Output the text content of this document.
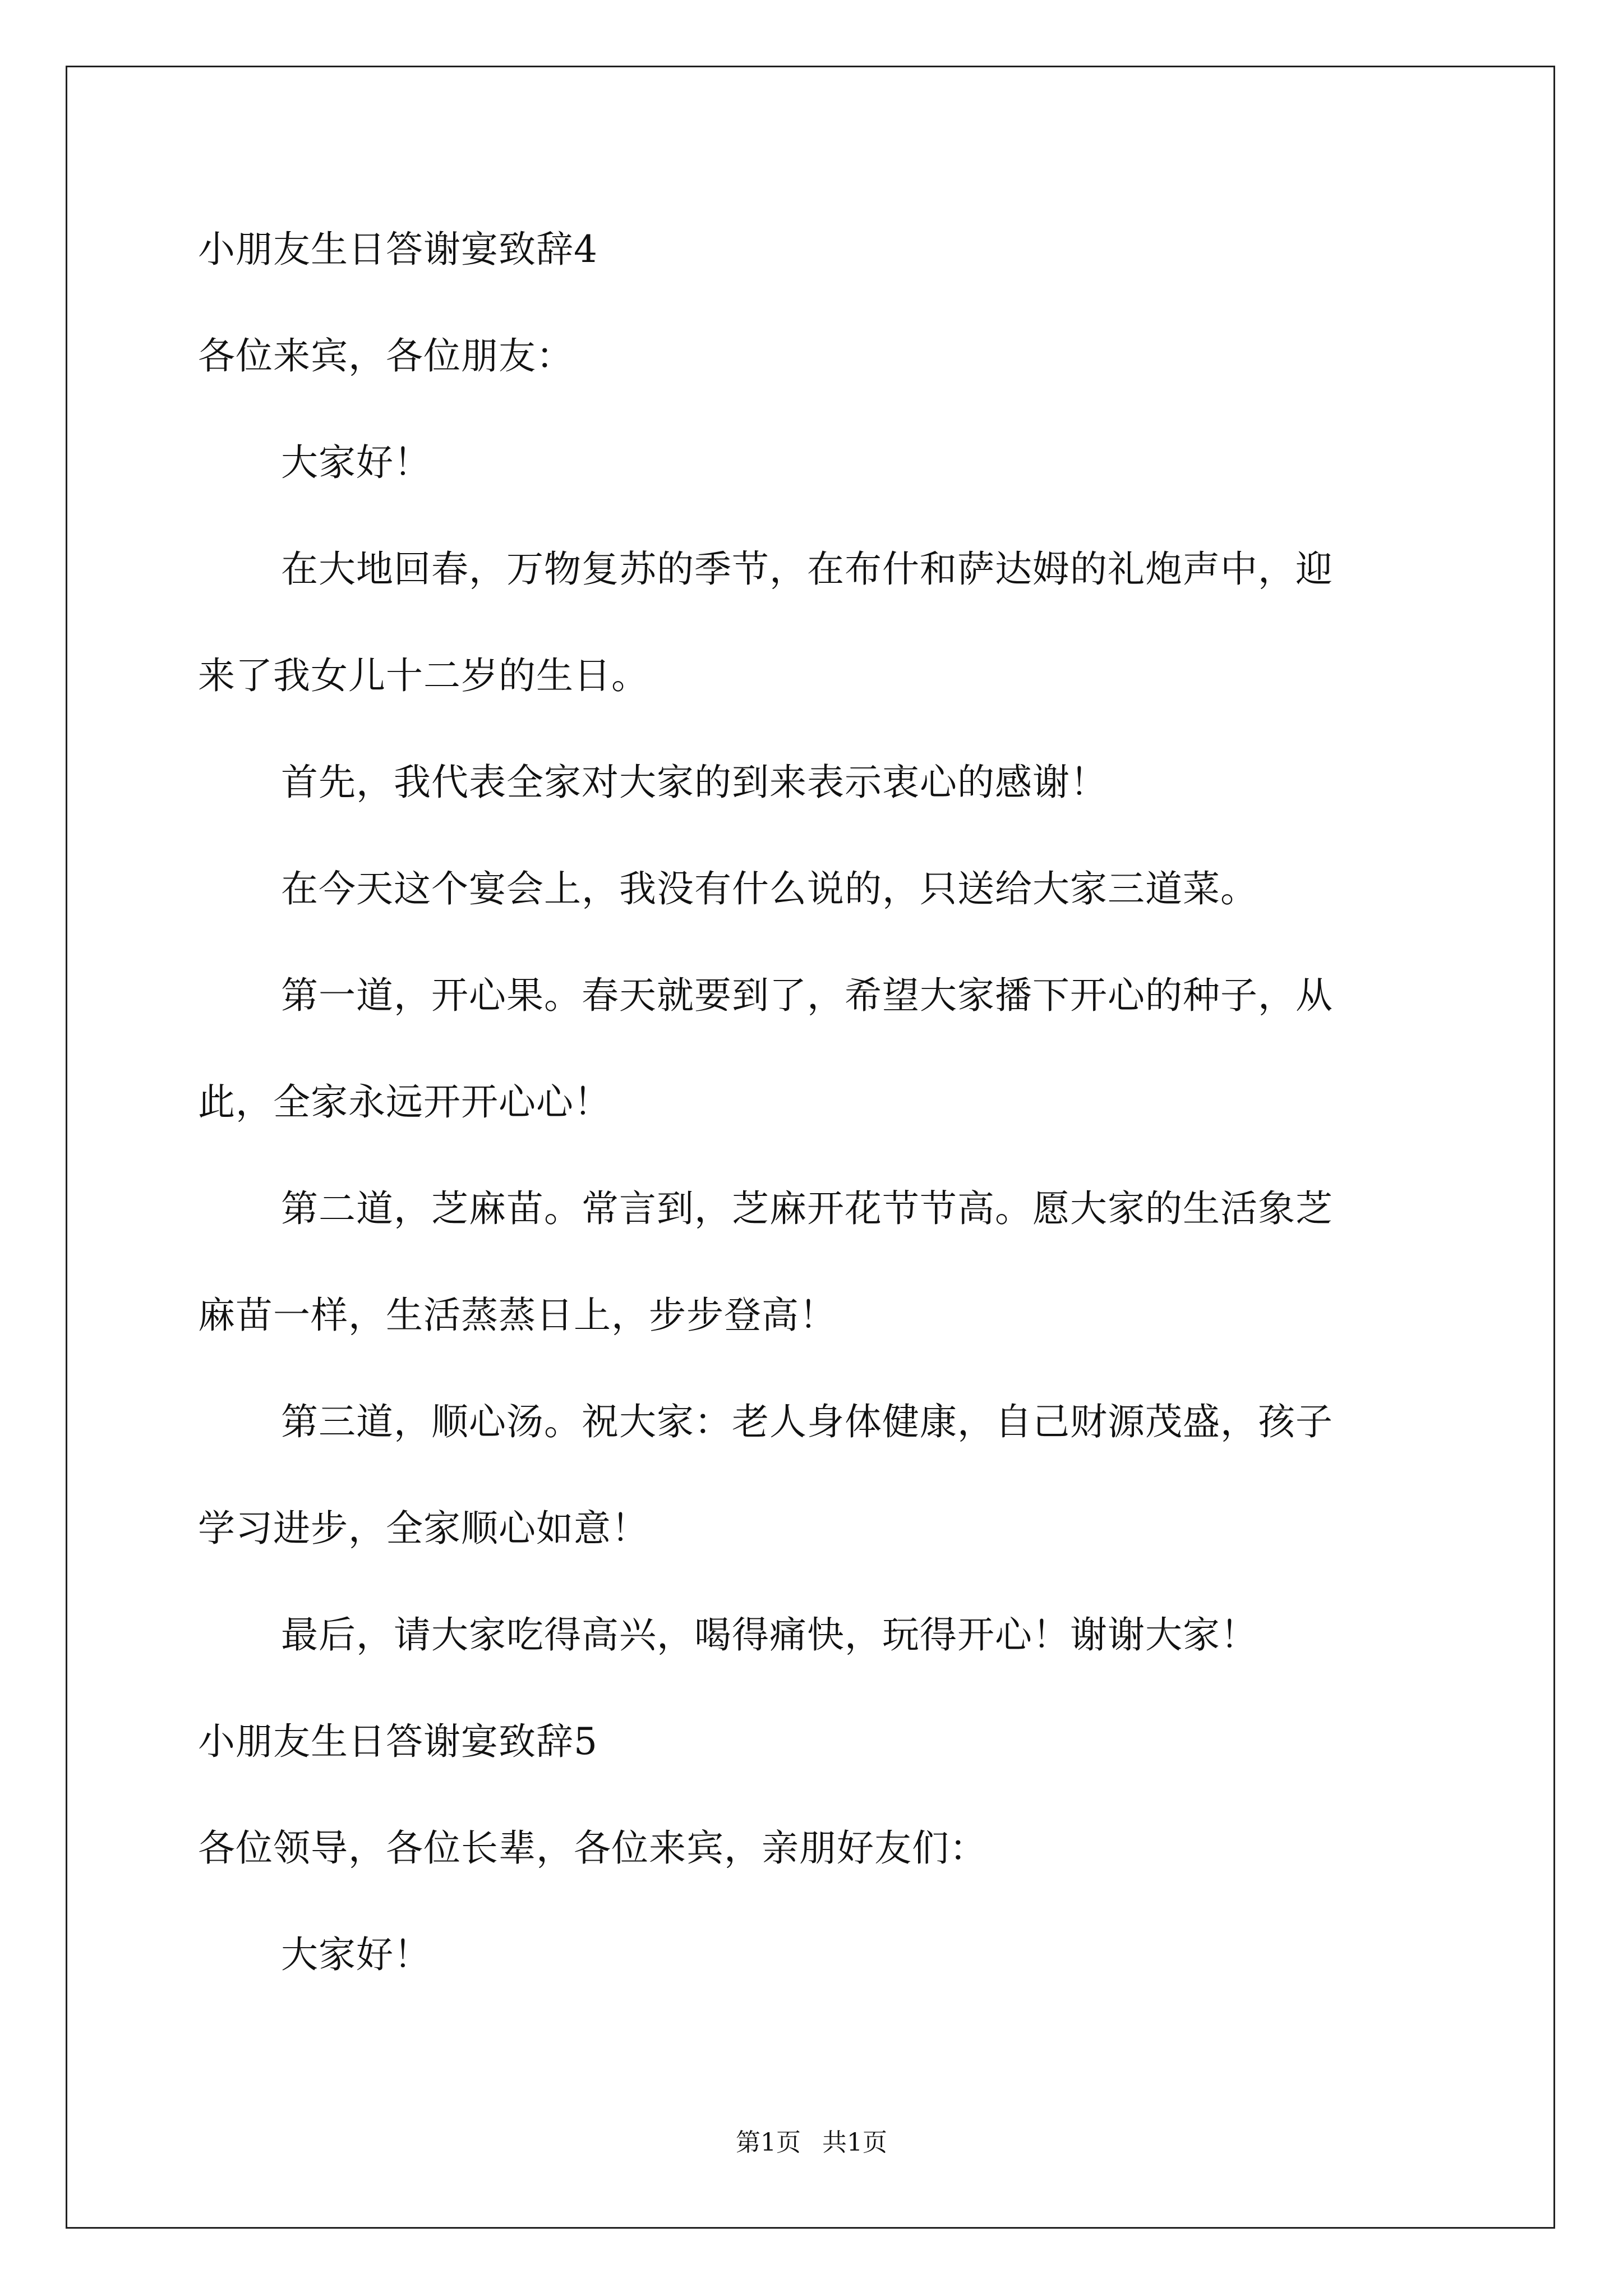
小朋友生日答谢宴致辞4
各位来宾，各位朋友：
大家好！
在大地回春，万物复苏的季节，在布什和萨达姆的礼炮声中，迎
来了我女儿十二岁的生日。
首先，我代表全家对大家的到来表示衷心的感谢！
在今天这个宴会上，我没有什么说的，只送给大家三道菜。
第一道，开心果。春天就要到了，希望大家播下开心的种子，从
此，全家永远开开心心！
第二道，芝麻苗。常言到，芝麻开花节节高。愿大家的生活象芝
麻苗一样，生活蒸蒸日上，步步登高！
第三道，顺心汤。祝大家：老人身体健康，自己财源茂盛，孩子
学习进步，全家顺心如意！
最后，请大家吃得高兴，喝得痛快，玩得开心！谢谢大家！
小朋友生日答谢宴致辞5
各位领导，各位长辈，各位来宾，亲朋好友们：
大家好！
第1页 共1页
